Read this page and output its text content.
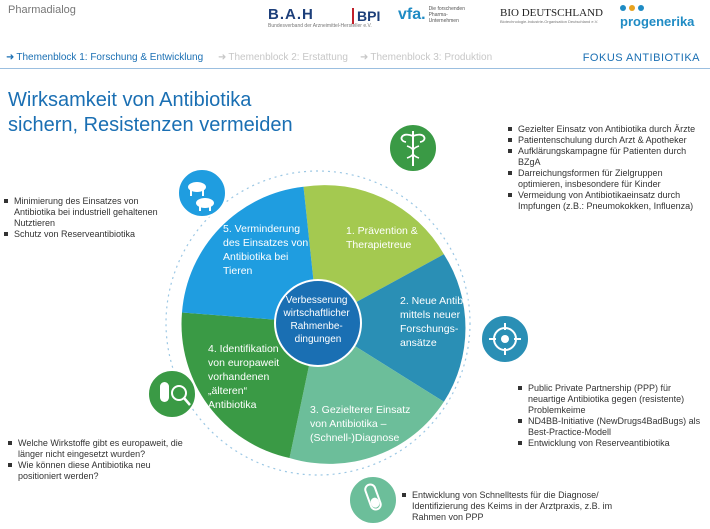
Pharmadialog	B.A.H
Bundesverband der Arzneimittel-Hersteller e.V.
BPI vfa. Die forschenden Pharma-Unternehmen
BIO DEUTSCHLAND
Biotechnologie-Industrie-Organisation Deutschland e.V.	progenerika
➜ Themenblock 1: Forschung & Entwicklung ➜ Themenblock 2: Erstattung ➜ Themenblock 3: Produktion	FOKUS ANTIBIOTIKA
Wirksamkeit von Antibiotika
sichern, Resistenzen vermeiden
Verbesserung wirtschaftlicher Rahmenbe- dingungen
1. Prävention & Therapietreue
2. Neue Antibiotika mittels neuer Forschungs- ansätze
3. Gezielterer Einsatz von Antibiotika – (Schnell-)Diagnose
4. Identifikation von europaweit vorhandenen „älteren“ Antibiotika
5. Verminderung des Einsatzes von Antibiotika bei Tieren
Gezielter Einsatz von Antibiotika durch Ärzte
Patientenschulung durch Arzt & Apotheker
Aufklärungskampagne für Patienten durch BZgA
Darreichungsformen für Zielgruppen optimieren, insbesondere für Kinder
Vermeidung von Antibiotikaeinsatz durch Impfungen (z.B.: Pneumokokken, Influenza)
Minimierung des Einsatzes von Antibiotika bei industriell gehaltenen Nutztieren
Schutz von Reserveantibiotika
Public Private Partnership (PPP) für neuartige Antibiotika gegen (resistente) Problemkeime
ND4BB-Initiative (NewDrugs4BadBugs) als Best-Practice-Modell
Entwicklung von Reserveantibiotika
Welche Wirkstoffe gibt es europaweit, die länger nicht eingesetzt wurden?
Wie können diese Antibiotika neu positioniert werden?
Entwicklung von Schnelltests für die Diagnose/ Identifizierung des Keims in der Arztpraxis, z.B. im Rahmen von PPP
